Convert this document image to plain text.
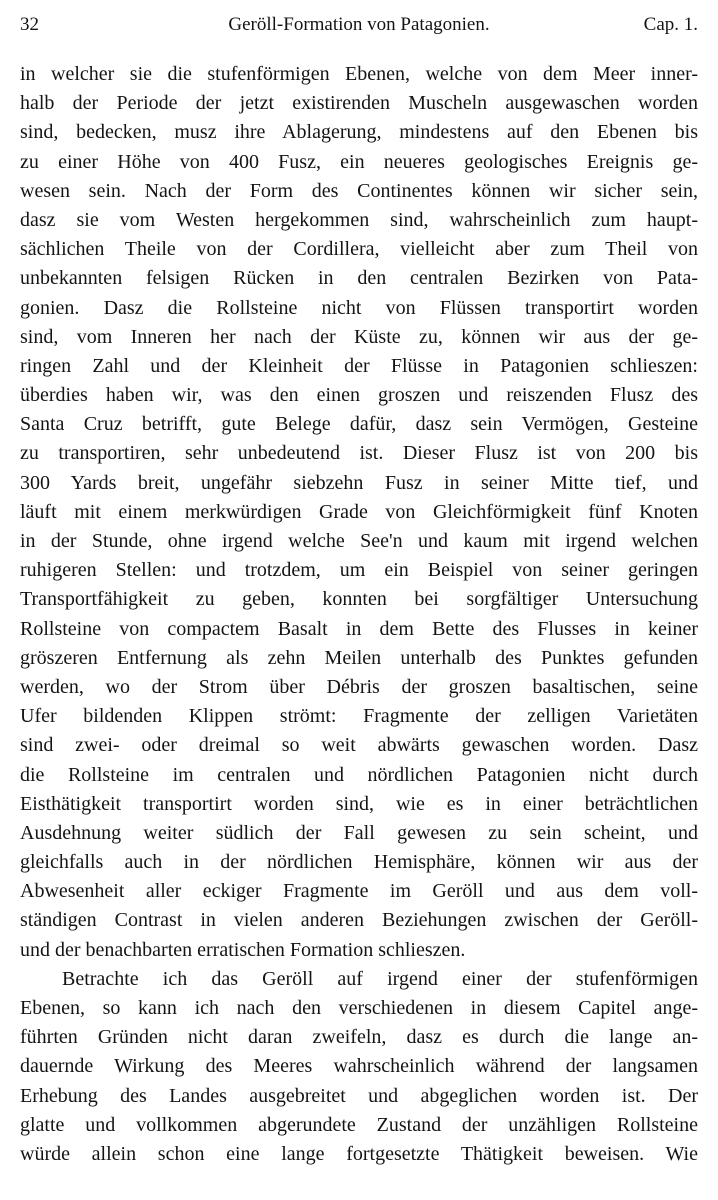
Geröll-Formation von Patagonien.
32	Cap. 1.
in welcher sie die stufenförmigen Ebenen, welche von dem Meer inner-
halb der Periode der jetzt existirenden Muscheln ausgewaschen worden
sind, bedecken, musz ihre Ablagerung, mindestens auf den Ebenen bis
zu einer Höhe von 400 Fusz, ein neueres geologisches Ereignis ge-
wesen sein. Nach der Form des Continentes können wir sicher sein,
dasz sie vom Westen hergekommen sind, wahrscheinlich zum haupt-
sächlichen Theile von der Cordillera, vielleicht aber zum Theil von
unbekannten felsigen Rücken in den centralen Bezirken von Pata-
gonien. Dasz die Rollsteine nicht von Flüssen transportirt worden
sind, vom Inneren her nach der Küste zu, können wir aus der ge-
ringen Zahl und der Kleinheit der Flüsse in Patagonien schlieszen:
überdies haben wir, was den einen groszen und reiszenden Flusz des
Santa Cruz betrifft, gute Belege dafür, dasz sein Vermögen, Gesteine
zu transportiren, sehr unbedeutend ist. Dieser Flusz ist von 200 bis
300 Yards breit, ungefähr siebzehn Fusz in seiner Mitte tief, und
läuft mit einem merkwürdigen Grade von Gleichförmigkeit fünf Knoten
in der Stunde, ohne irgend welche See'n und kaum mit irgend welchen
ruhigeren Stellen: und trotzdem, um ein Beispiel von seiner geringen
Transportfähigkeit zu geben, konnten bei sorgfältiger Untersuchung
Rollsteine von compactem Basalt in dem Bette des Flusses in keiner
gröszeren Entfernung als zehn Meilen unterhalb des Punktes gefunden
werden, wo der Strom über Débris der groszen basaltischen, seine
Ufer bildenden Klippen strömt: Fragmente der zelligen Varietäten
sind zwei- oder dreimal so weit abwärts gewaschen worden. Dasz
die Rollsteine im centralen und nördlichen Patagonien nicht durch
Eisthätigkeit transportirt worden sind, wie es in einer beträchtlichen
Ausdehnung weiter südlich der Fall gewesen zu sein scheint, und
gleichfalls auch in der nördlichen Hemisphäre, können wir aus der
Abwesenheit aller eckiger Fragmente im Geröll und aus dem voll-
ständigen Contrast in vielen anderen Beziehungen zwischen der Geröll-
und der benachbarten erratischen Formation schlieszen.
Betrachte ich das Geröll auf irgend einer der stufenförmigen
Ebenen, so kann ich nach den verschiedenen in diesem Capitel ange-
führten Gründen nicht daran zweifeln, dasz es durch die lange an-
dauernde Wirkung des Meeres wahrscheinlich während der langsamen
Erhebung des Landes ausgebreitet und abgeglichen worden ist. Der
glatte und vollkommen abgerundete Zustand der unzähligen Rollsteine
würde allein schon eine lange fortgesetzte Thätigkeit beweisen. Wie
